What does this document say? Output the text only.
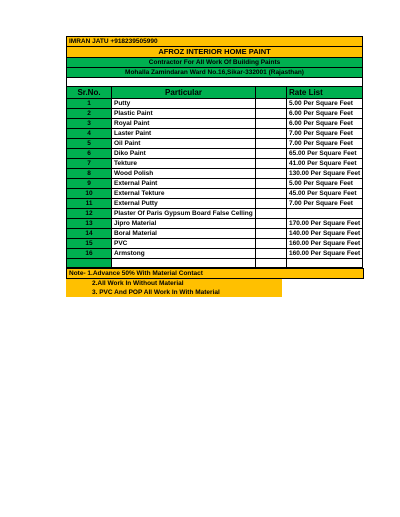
IMRAN JATU +918239505990			
AFROZ INTERIOR HOME PAINT			
Contractor For All Work Of Building Paints			
Mohalla Zamindaran Ward No.16,Sikar-332001 (Rajasthan)			

Sr.No.	Particular		Rate List
1	Putty		5.00 Per Square Feet
2	Plastic Paint		6.00 Per Square Feet
3	Royal Paint		6.00 Per Square Feet
4	Laster Paint		7.00 Per Square Feet
5	Oil Paint		7.00 Per Square Feet
6	Diko Paint		65.00 Per Square Feet
7	Tekture		41.00 Per Square Feet
8	Wood Polish		130.00 Per Square Feet
9	External Paint		5.00 Per Square Feet
10	External Tekture		45.00 Per Square Feet
11	External Putty		7.00 Per Square Feet
12	Plaster Of Paris Gypsum Board False Celling		
13	Jipro Material		170.00 Per Square Feet
14	Boral Material		140.00 Per Square Feet
15	PVC		160.00 Per Square Feet
16	Armstong		160.00 Per Square Feet

Note- 1.Advance 50% With Material Contact
2.All Work In Without Material
3. PVC And POP All Work In With Material
